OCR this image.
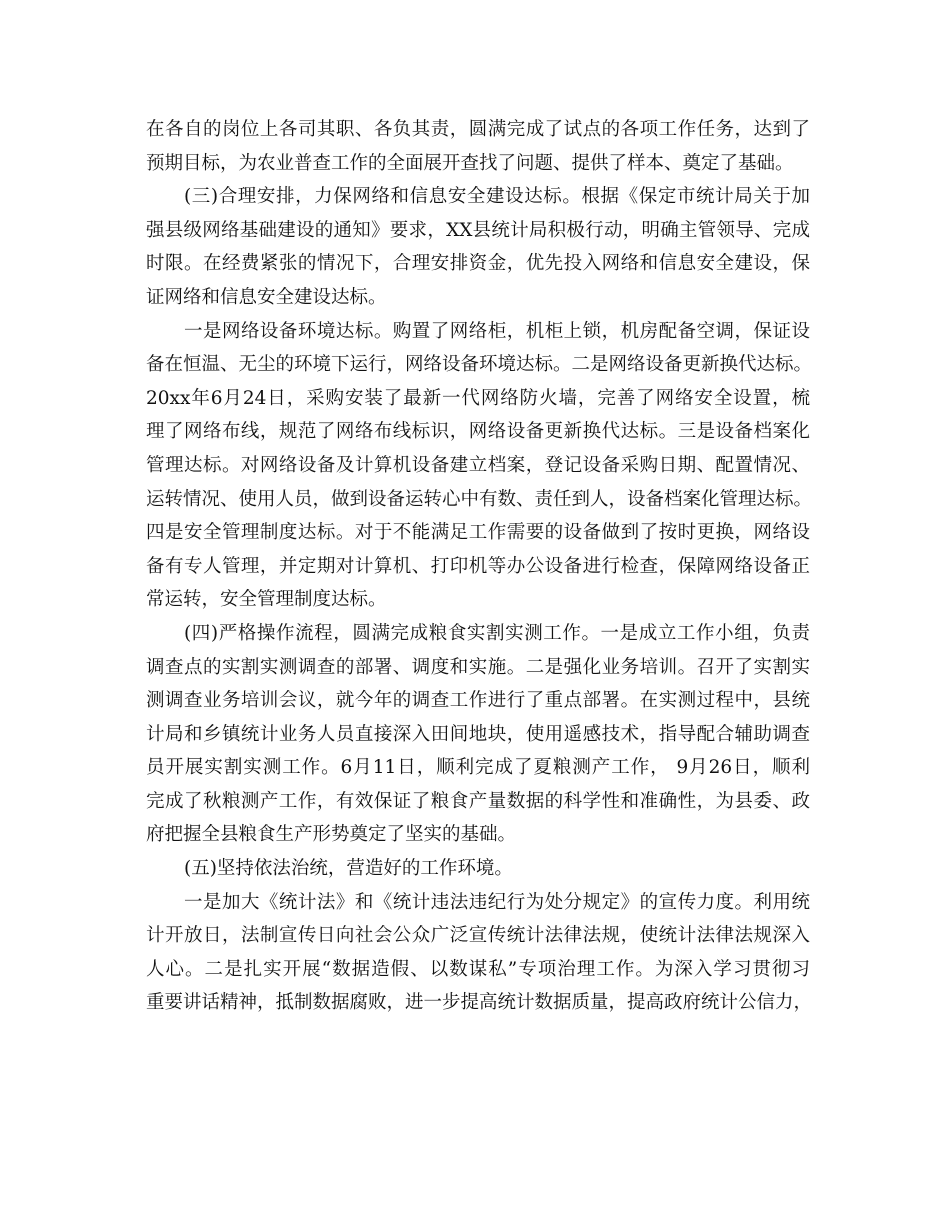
在各自的岗位上各司其职、各负其责，圆满完成了试点的各项工作任务，达到了
预期目标，为农业普查工作的全面展开查找了问题、提供了样本、奠定了基础。
(三)合理安排，力保网络和信息安全建设达标。根据《保定市统计局关于加
强县级网络基础建设的通知》要求，XX县统计局积极行动，明确主管领导、完成
时限。在经费紧张的情况下，合理安排资金，优先投入网络和信息安全建设，保
证网络和信息安全建设达标。
一是网络设备环境达标。购置了网络柜，机柜上锁，机房配备空调，保证设
备在恒温、无尘的环境下运行，网络设备环境达标。二是网络设备更新换代达标。
20xx年6月24日，采购安装了最新一代网络防火墙，完善了网络安全设置，梳
理了网络布线，规范了网络布线标识，网络设备更新换代达标。三是设备档案化
管理达标。对网络设备及计算机设备建立档案，登记设备采购日期、配置情况、
运转情况、使用人员，做到设备运转心中有数、责任到人，设备档案化管理达标。
四是安全管理制度达标。对于不能满足工作需要的设备做到了按时更换，网络设
备有专人管理，并定期对计算机、打印机等办公设备进行检查，保障网络设备正
常运转，安全管理制度达标。
(四)严格操作流程，圆满完成粮食实割实测工作。一是成立工作小组，负责
调查点的实割实测调查的部署、调度和实施。二是强化业务培训。召开了实割实
测调查业务培训会议，就今年的调查工作进行了重点部署。在实测过程中，县统
计局和乡镇统计业务人员直接深入田间地块，使用遥感技术，指导配合辅助调查
员开展实割实测工作。6月11日，顺利完成了夏粮测产工作， 9月26日，顺利
完成了秋粮测产工作，有效保证了粮食产量数据的科学性和准确性，为县委、政
府把握全县粮食生产形势奠定了坚实的基础。
(五)坚持依法治统，营造好的工作环境。
一是加大《统计法》和《统计违法违纪行为处分规定》的宣传力度。利用统
计开放日，法制宣传日向社会公众广泛宣传统计法律法规，使统计法律法规深入
人心。二是扎实开展“数据造假、以数谋私”专项治理工作。为深入学习贯彻习
重要讲话精神，抵制数据腐败，进一步提高统计数据质量，提高政府统计公信力，
